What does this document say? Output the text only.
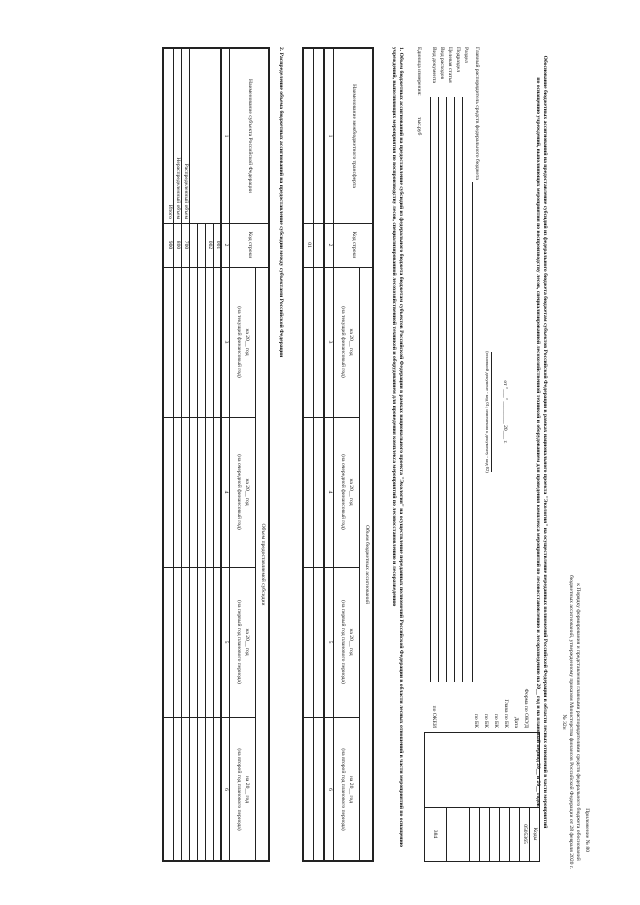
Приложение № 80
к Порядку формирования и представления главными распорядителями средств федерального бюджета обоснований бюджетных ассигнований, утвержденному приказом Министерства финансов Российской Федерации от 28 февраля 2020 г. № 32н
Обоснование бюджетных ассигнований на предоставление субсидий из федерального бюджета бюджетам субъектов Российской Федерации в рамках национального проекта "Экология" на осуществление переданных полномочий Российской Федерации в области лесных отношений в части мероприятий по оснащению учреждений, выполняющих мероприятия по воспроизводству лесов, специализированной лесохозяйственной техникой и оборудованием для проведения комплекса мероприятий по лесовосстановлению и лесоразведению на 20__ год и на плановый период 20__ и 20__ годов
от "___" ________ 20___ г.
(основной документ - код 01; изменения к документу - код 02)
Коды
0505365
384
Форма по ОКУД
Дата
Глава по БК
по БК
по БК
по БК
по ОКЕИ
Главный распорядитель средств федерального бюджета
Раздел
Подраздел
Целевая статья
Вид расходов
Вид документа
Единица измерения:
тыс.руб
1. Объем бюджетных ассигнований на предоставление субсидий из федерального бюджета бюджетам субъектов Российской Федерации в рамках национального проекта "Экология" на осуществление переданных полномочий Российской Федерации в области лесных отношений в части мероприятий по оснащению учреждений, выполняющих мероприятия по воспроизводству лесов, специализированной лесохозяйственной техникой и оборудованием для проведения комплекса мероприятий по лесовосстановлению и лесоразведению
Наименование межбюджетного трансферта
Код строки
Объем бюджетных ассигнований
на 20__ год
(на текущий финансовый год)
на 20__ год
(на очередной финансовый год)
на 20__ год
(на первый год планового периода)
на 20__ год
(на второй год планового периода)
1
2
3
4
5
6
01
2. Распределение объема бюджетных ассигнований на предоставление субсидии между субъектами Российской Федерации
Наименование субъекта Российской Федерации
Код строки
Объем предоставляемой субсидии
на 20__ год
(на текущий финансовый год)
на 20__ год
(на очередной финансовый год)
на 20__ год
(на первый год планового периода)
на 20__ год
(на второй год планового периода)
1
2
3
4
5
6
001
002
Распределенный объем
700
Нераспределенный объем
800
Итого
900
